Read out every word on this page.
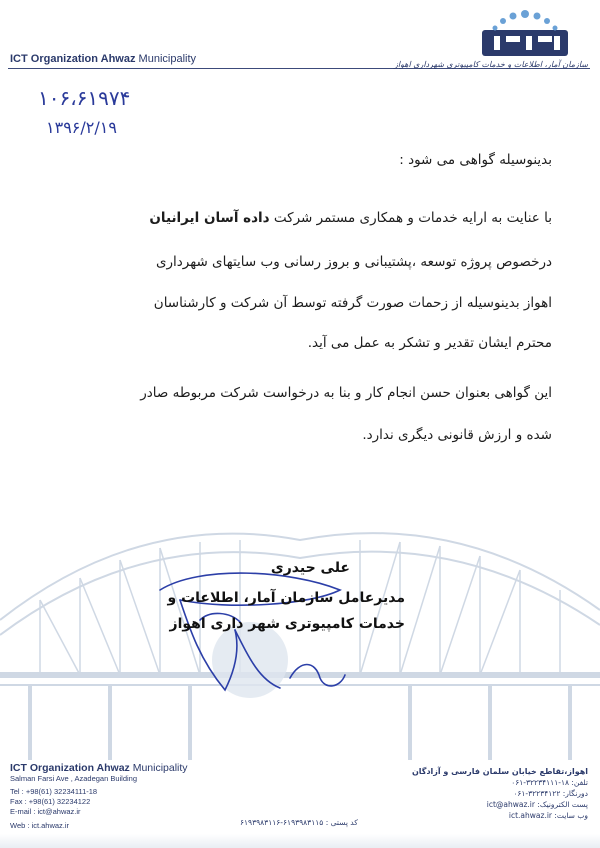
ICT Organization Ahwaz Municipality	سازمان آمار، اطلاعات و خدمات کامپیوتری شهرداری اهواز
۱۰۶،۶۱۹۷۴
۱۳۹۶/۲/۱۹
بدینوسیله گواهی می شود :
با عنایت به ارایه خدمات و همکاری مستمر شرکت داده آسان ایرانیان
درخصوص پروژه توسعه ،پشتیبانی و بروز رسانی وب سایتهای شهرداری
اهواز بدینوسیله از زحمات صورت گرفته توسط آن شرکت و کارشناسان
محترم ایشان تقدیر و تشکر به عمل می آید.
این گواهی بعنوان حسن انجام کار و بنا به درخواست شرکت مربوطه صادر
شده و ارزش قانونی دیگری ندارد.
علی حیدری
مدیرعامل سازمان آمار، اطلاعات و
خدمات کامپیوتری شهر داری اهواز
ICT Organization Ahwaz Municipality
Salman Farsi Ave , Azadegan Building
Tel : +98(61) 32234111-18
Fax : +98(61) 32234122
E-mail : ict@ahwaz.ir
Web : ict.ahwaz.ir
اهواز،تقاطع خیابان سلمان فارسی و آزادگان
تلفن: ۱۸-۳۲۲۳۴۱۱۱-۰۶۱
دورنگار: ۳۲۲۳۴۱۲۲-۰۶۱
پست الکترونیک: ict@ahwaz.ir
وب سایت: ict.ahwaz.ir
کد پستی : ۶۱۹۳۹۸۳۱۱۵-۶۱۹۳۹۸۳۱۱۶
